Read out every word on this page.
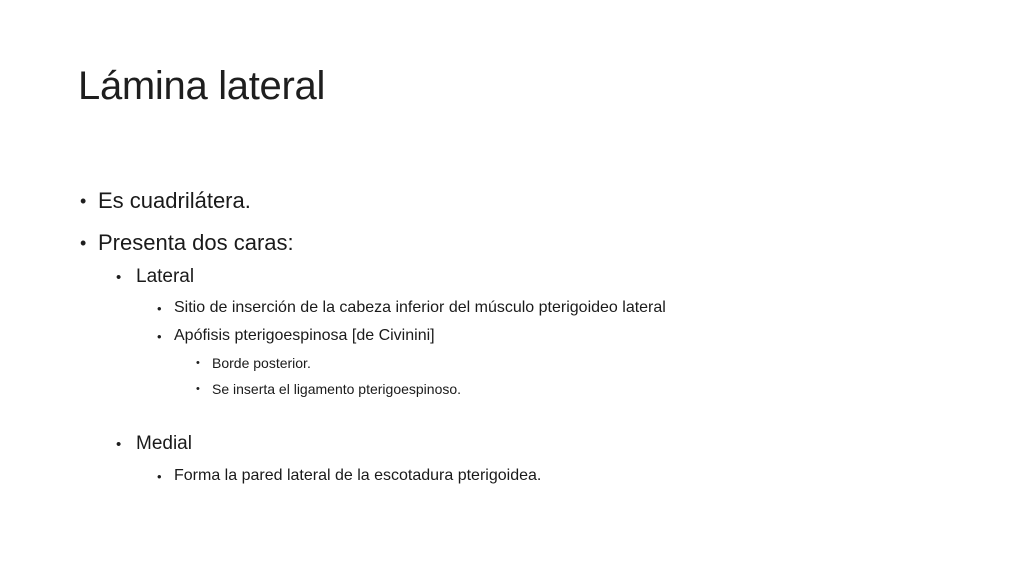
Lámina lateral
• Es cuadrilátera.
• Presenta dos caras:
• Lateral
• Sitio de inserción de la cabeza inferior del músculo pterigoideo lateral
• Apófisis pterigoespinosa [de Civinini]
• Borde posterior.
• Se inserta el ligamento pterigoespinoso.
• Medial
• Forma la pared lateral de la escotadura pterigoidea.
